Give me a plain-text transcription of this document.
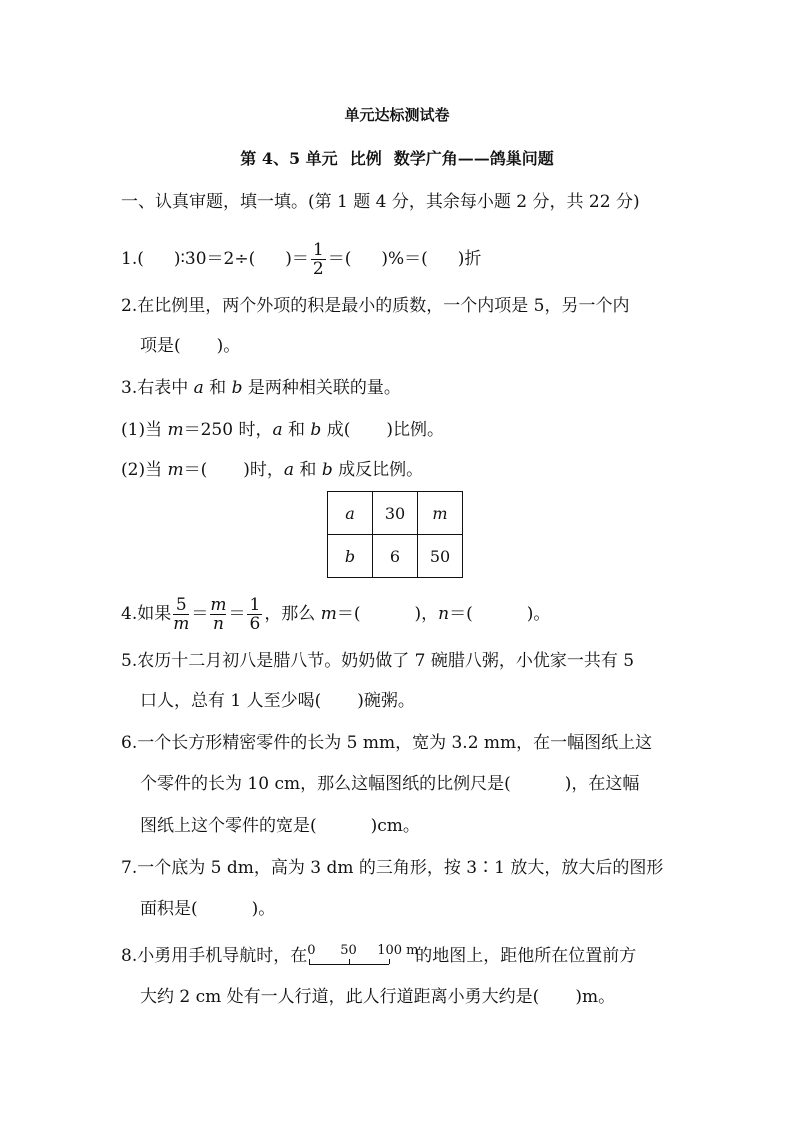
单元达标测试卷
第 4、5 单元 比例 数学广角——鸽巢问题
一、认真审题，填一填。(第 1 题 4 分，其余每小题 2 分，共 22 分)
1.( )∶30＝2÷( )＝ $\frac{1}{2}$ ＝( )%＝( )折
2.在比例里，两个外项的积是最小的质数，一个内项是 5，另一个内
项是( )。
3.右表中 a 和 b 是两种相关联的量。
(1)当 m＝250 时，a 和 b 成( )比例。
(2)当 m＝( )时，a 和 b 成反比例。
a	30	m
b	6	50
4.如果 $\frac{5}{m} = \frac{m}{n} = \frac{1}{6}$ ，那么 m＝(	)，n＝(	)。
5.农历十二月初八是腊八节。奶奶做了 7 碗腊八粥，小优家一共有 5
口人，总有 1 人至少喝( )碗粥。
6.一个长方形精密零件的长为 5 mm，宽为 3.2 mm，在一幅图纸上这
个零件的长为 10 cm，那么这幅图纸的比例尺是(	)，在这幅
图纸上这个零件的宽是(	)cm。
7.一个底为 5 dm，高为 3 dm 的三角形，按 3∶1 放大，放大后的图形
面积是(	)。
8.小勇用手机导航时，在 0 50 100 m
的地图上，距他所在位置前方
大约 2 cm 处有一人行道，此人行道距离小勇大约是( )m。
